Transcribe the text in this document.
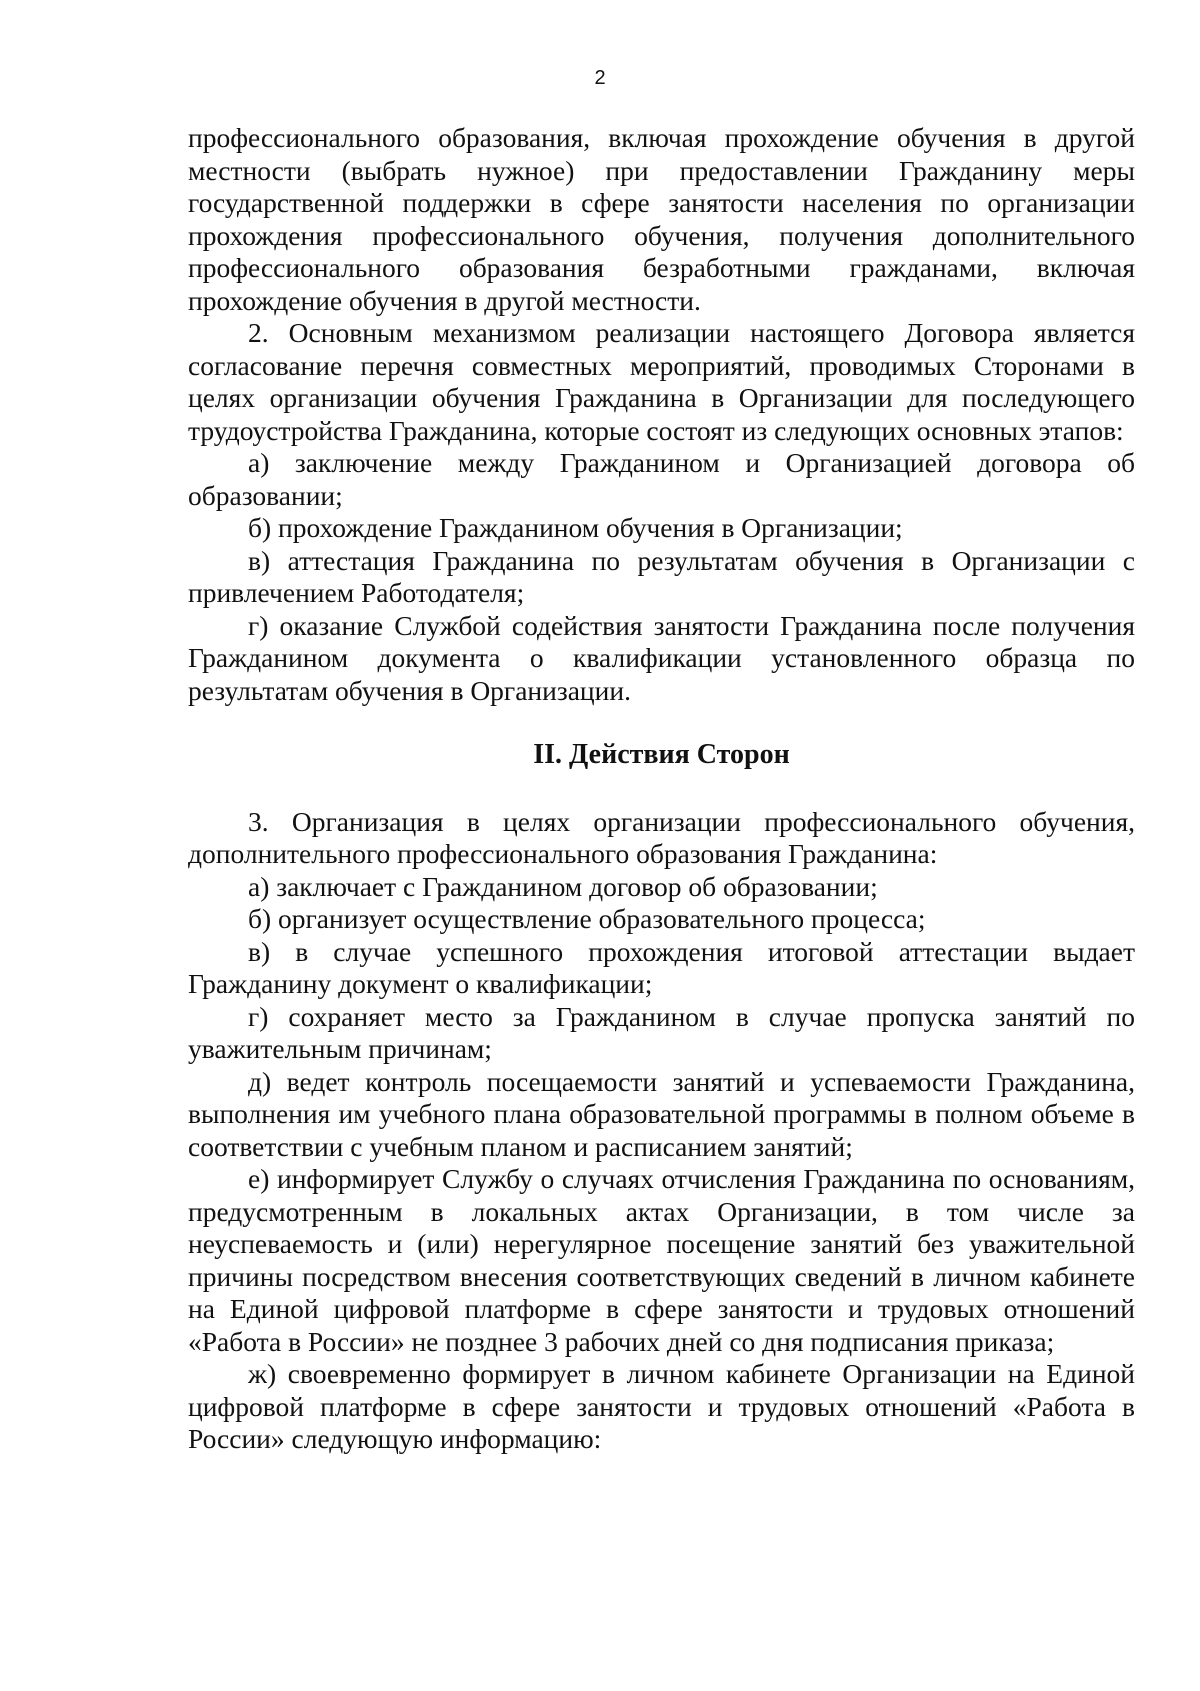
2

профессионального образования, включая прохождение обучения в другой местности (выбрать нужное) при предоставлении Гражданину меры государственной поддержки в сфере занятости населения по организации прохождения профессионального обучения, получения дополнительного профессионального образования безработными гражданами, включая прохождение обучения в другой местности.

2. Основным механизмом реализации настоящего Договора является согласование перечня совместных мероприятий, проводимых Сторонами в целях организации обучения Гражданина в Организации для последующего трудоустройства Гражданина, которые состоят из следующих основных этапов:

а) заключение между Гражданином и Организацией договора об образовании;

б) прохождение Гражданином обучения в Организации;

в) аттестация Гражданина по результатам обучения в Организации с привлечением Работодателя;

г) оказание Службой содействия занятости Гражданина после получения Гражданином документа о квалификации установленного образца по результатам обучения в Организации.

II. Действия Сторон

3. Организация в целях организации профессионального обучения, дополнительного профессионального образования Гражданина:

а) заключает с Гражданином договор об образовании;

б) организует осуществление образовательного процесса;

в) в случае успешного прохождения итоговой аттестации выдает Гражданину документ о квалификации;

г) сохраняет место за Гражданином в случае пропуска занятий по уважительным причинам;

д) ведет контроль посещаемости занятий и успеваемости Гражданина, выполнения им учебного плана образовательной программы в полном объеме в соответствии с учебным планом и расписанием занятий;

е) информирует Службу о случаях отчисления Гражданина по основаниям, предусмотренным в локальных актах Организации, в том числе за неуспеваемость и (или) нерегулярное посещение занятий без уважительной причины посредством внесения соответствующих сведений в личном кабинете на Единой цифровой платформе в сфере занятости и трудовых отношений «Работа в России» не позднее 3 рабочих дней со дня подписания приказа;

ж) своевременно формирует в личном кабинете Организации на Единой цифровой платформе в сфере занятости и трудовых отношений «Работа в России» следующую информацию:
